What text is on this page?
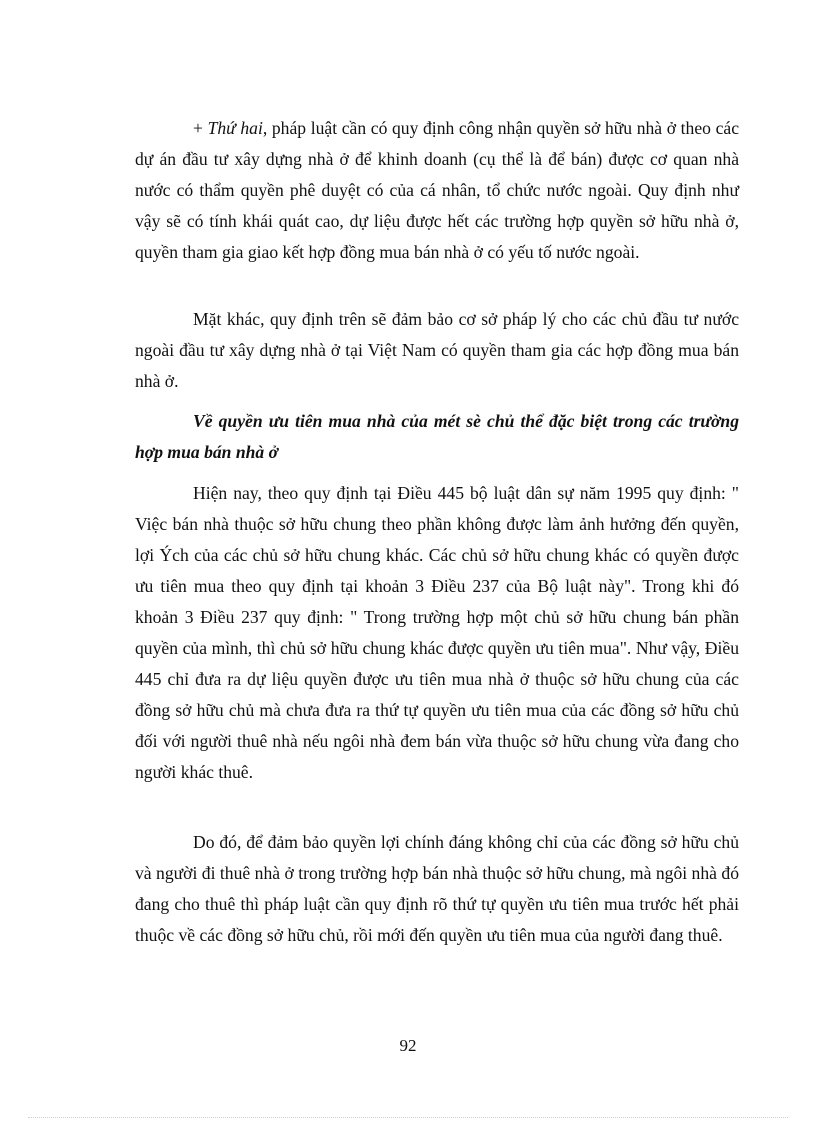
+ Thứ hai, pháp luật cần có quy định công nhận quyền sở hữu nhà ở theo các dự án đầu tư xây dựng nhà ở để khinh doanh (cụ thể là để bán) được cơ quan nhà nước có thẩm quyền phê duyệt có của cá nhân, tổ chức nước ngoài. Quy định như vậy sẽ có tính khái quát cao, dự liệu được hết các trường hợp quyền sở hữu nhà ở, quyền tham gia giao kết hợp đồng mua bán nhà ở có yếu tố nước ngoài.

Mặt khác, quy định trên sẽ đảm bảo cơ sở pháp lý cho các chủ đầu tư nước ngoài đầu tư xây dựng nhà ở tại Việt Nam có quyền tham gia các hợp đồng mua bán nhà ở.

Về quyền ưu tiên mua nhà của mét sè chủ thể đặc biệt trong các trường hợp mua bán nhà ở

Hiện nay, theo quy định tại Điều 445 bộ luật dân sự năm 1995 quy định: " Việc bán nhà thuộc sở hữu chung theo phần không được làm ảnh hưởng đến quyền, lợi Ých của các chủ sở hữu chung khác. Các chủ sở hữu chung khác có quyền được ưu tiên mua theo quy định tại khoản 3 Điều 237 của Bộ luật này". Trong khi đó khoản 3 Điều 237 quy định: " Trong trường hợp một chủ sở hữu chung bán phần quyền của mình, thì chủ sở hữu chung khác được quyền ưu tiên mua". Như vậy, Điều 445 chỉ đưa ra dự liệu quyền được ưu tiên mua nhà ở thuộc sở hữu chung của các đồng sở hữu chủ mà chưa đưa ra thứ tự quyền ưu tiên mua của các đồng sở hữu chủ đối với người thuê nhà nếu ngôi nhà đem bán vừa thuộc sở hữu chung vừa đang cho người khác thuê.

Do đó, để đảm bảo quyền lợi chính đáng không chỉ của các đồng sở hữu chủ và người đi thuê nhà ở trong trường hợp bán nhà thuộc sở hữu chung, mà ngôi nhà đó đang cho thuê thì pháp luật cần quy định rõ thứ tự quyền ưu tiên mua trước hết phải thuộc về các đồng sở hữu chủ, rồi mới đến quyền ưu tiên mua của người đang thuê.

92
